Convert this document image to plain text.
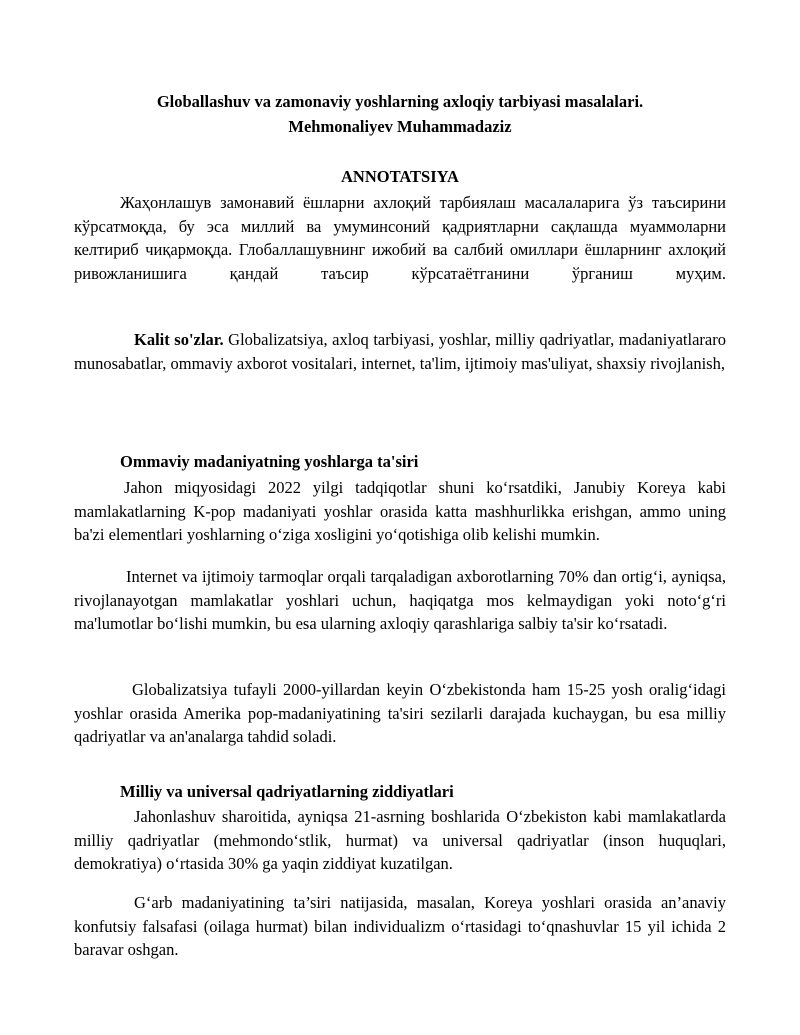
Globallashuv va zamonaviy yoshlarning axloqiy tarbiyasi masalalari.
Mehmonaliyev Muhammadaziz
ANNOTATSIYA
Жаҳонлашув замонавий ёшларни ахлоқий тарбиялаш масалаларига ўз таъсирини кўрсатмоқда, бу эса миллий ва умуминсоний қадриятларни сақлашда муаммоларни келтириб чиқармоқда. Глобаллашувнинг ижобий ва салбий омиллари ёшларнинг ахлоқий ривожланишига қандай таъсир кўрсатаётганини ўрганиш муҳим.
Kalit so'zlar. Globalizatsiya, axloq tarbiyasi, yoshlar, milliy qadriyatlar, madaniyatlararo munosabatlar, ommaviy axborot vositalari, internet, ta'lim, ijtimoiy mas'uliyat, shaxsiy rivojlanish,
Ommaviy madaniyatning yoshlarga ta'siri
Jahon miqyosidagi 2022 yilgi tadqiqotlar shuni koʻrsatdiki, Janubiy Koreya kabi mamlakatlarning K-pop madaniyati yoshlar orasida katta mashhurlikka erishgan, ammo uning ba'zi elementlari yoshlarning oʻziga xosligini yoʻqotishiga olib kelishi mumkin.
Internet va ijtimoiy tarmoqlar orqali tarqaladigan axborotlarning 70% dan ortigʻi, ayniqsa, rivojlanayotgan mamlakatlar yoshlari uchun, haqiqatga mos kelmaydigan yoki notoʻgʻri ma'lumotlar boʻlishi mumkin, bu esa ularning axloqiy qarashlariga salbiy ta'sir koʻrsatadi.
Globalizatsiya tufayli 2000-yillardan keyin Oʻzbekistonda ham 15-25 yosh oraligʻidagi yoshlar orasida Amerika pop-madaniyatining ta'siri sezilarli darajada kuchaygan, bu esa milliy qadriyatlar va an'analarga tahdid soladi.
Milliy va universal qadriyatlarning ziddiyatlari
Jahonlashuv sharoitida, ayniqsa 21-asrning boshlarida Oʻzbekiston kabi mamlakatlarda milliy qadriyatlar (mehmondoʻstlik, hurmat) va universal qadriyatlar (inson huquqlari, demokratiya) oʻrtasida 30% ga yaqin ziddiyat kuzatilgan.
Gʻarb madaniyatining ta’siri natijasida, masalan, Koreya yoshlari orasida an’anaviy konfutsiy falsafasi (oilaga hurmat) bilan individualizm oʻrtasidagi toʻqnashuvlar 15 yil ichida 2 baravar oshgan.
